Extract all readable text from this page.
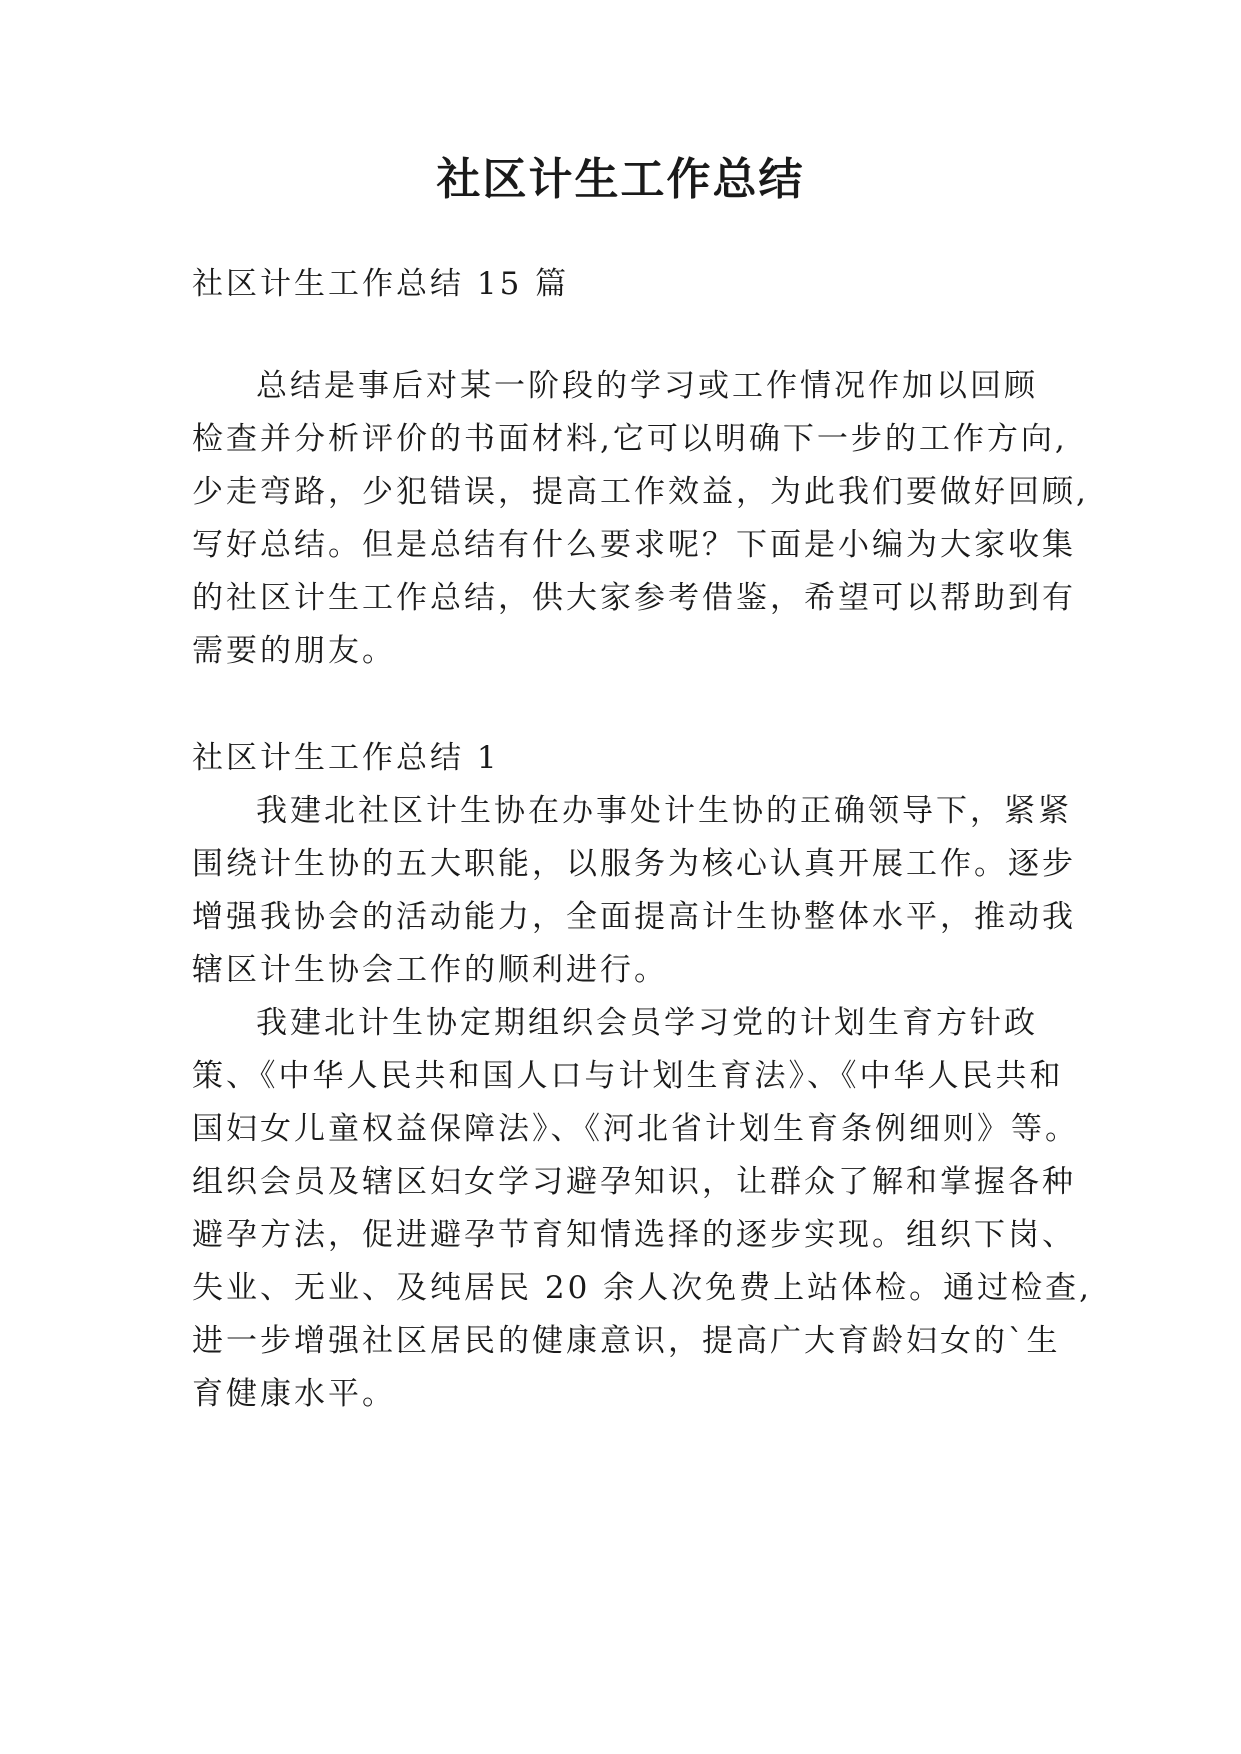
社区计生工作总结

社区计生工作总结 15 篇

总结是事后对某一阶段的学习或工作情况作加以回顾

检查并分析评价的书面材料,它可以明确下一步的工作方向,

少走弯路，少犯错误，提高工作效益，为此我们要做好回顾,

写好总结。但是总结有什么要求呢？下面是小编为大家收集

的社区计生工作总结，供大家参考借鉴，希望可以帮助到有

需要的朋友。

社区计生工作总结 1

我建北社区计生协在办事处计生协的正确领导下，紧紧

围绕计生协的五大职能，以服务为核心认真开展工作。逐步

增强我协会的活动能力，全面提高计生协整体水平，推动我

辖区计生协会工作的顺利进行。

我建北计生协定期组织会员学习党的计划生育方针政

策、《中华人民共和国人口与计划生育法》、《中华人民共和

国妇女儿童权益保障法》、《河北省计划生育条例细则》等。

组织会员及辖区妇女学习避孕知识，让群众了解和掌握各种

避孕方法，促进避孕节育知情选择的逐步实现。组织下岗、

失业、无业、及纯居民 20 余人次免费上站体检。通过检查,

进一步增强社区居民的健康意识，提高广大育龄妇女的`生

育健康水平。
